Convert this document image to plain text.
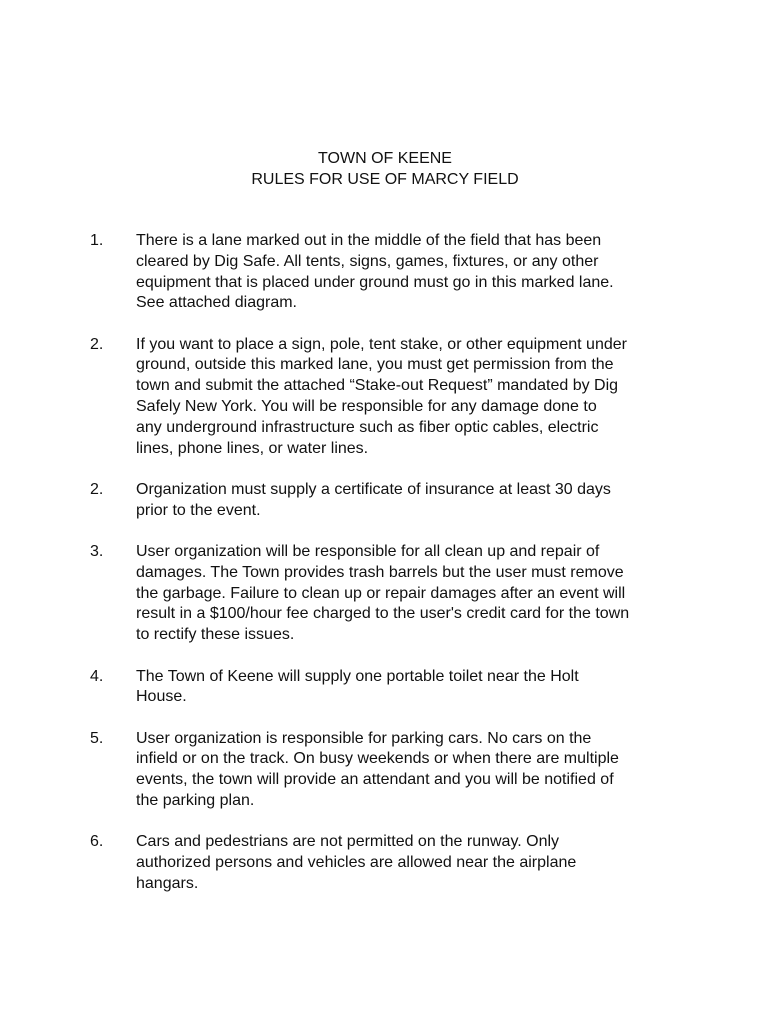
TOWN OF KEENE
RULES FOR USE OF MARCY FIELD
1.	There is a lane marked out in the middle of the field that has been
cleared by Dig Safe. All tents, signs, games, fixtures, or any other
equipment that is placed under ground must go in this marked lane.
See attached diagram.
2.	If you want to place a sign, pole, tent stake, or other equipment under
ground, outside this marked lane, you must get permission from the
town and submit the attached “Stake-out Request” mandated by Dig
Safely New York. You will be responsible for any damage done to
any underground infrastructure such as fiber optic cables, electric
lines, phone lines, or water lines.
2.	Organization must supply a certificate of insurance at least 30 days
prior to the event.
3.	User organization will be responsible for all clean up and repair of
damages. The Town provides trash barrels but the user must remove
the garbage. Failure to clean up or repair damages after an event will
result in a $100/hour fee charged to the user's credit card for the town
to rectify these issues.
4.	The Town of Keene will supply one portable toilet near the Holt
House.
5.	User organization is responsible for parking cars. No cars on the
infield or on the track. On busy weekends or when there are multiple
events, the town will provide an attendant and you will be notified of
the parking plan.
6.	Cars and pedestrians are not permitted on the runway. Only
authorized persons and vehicles are allowed near the airplane
hangars.
